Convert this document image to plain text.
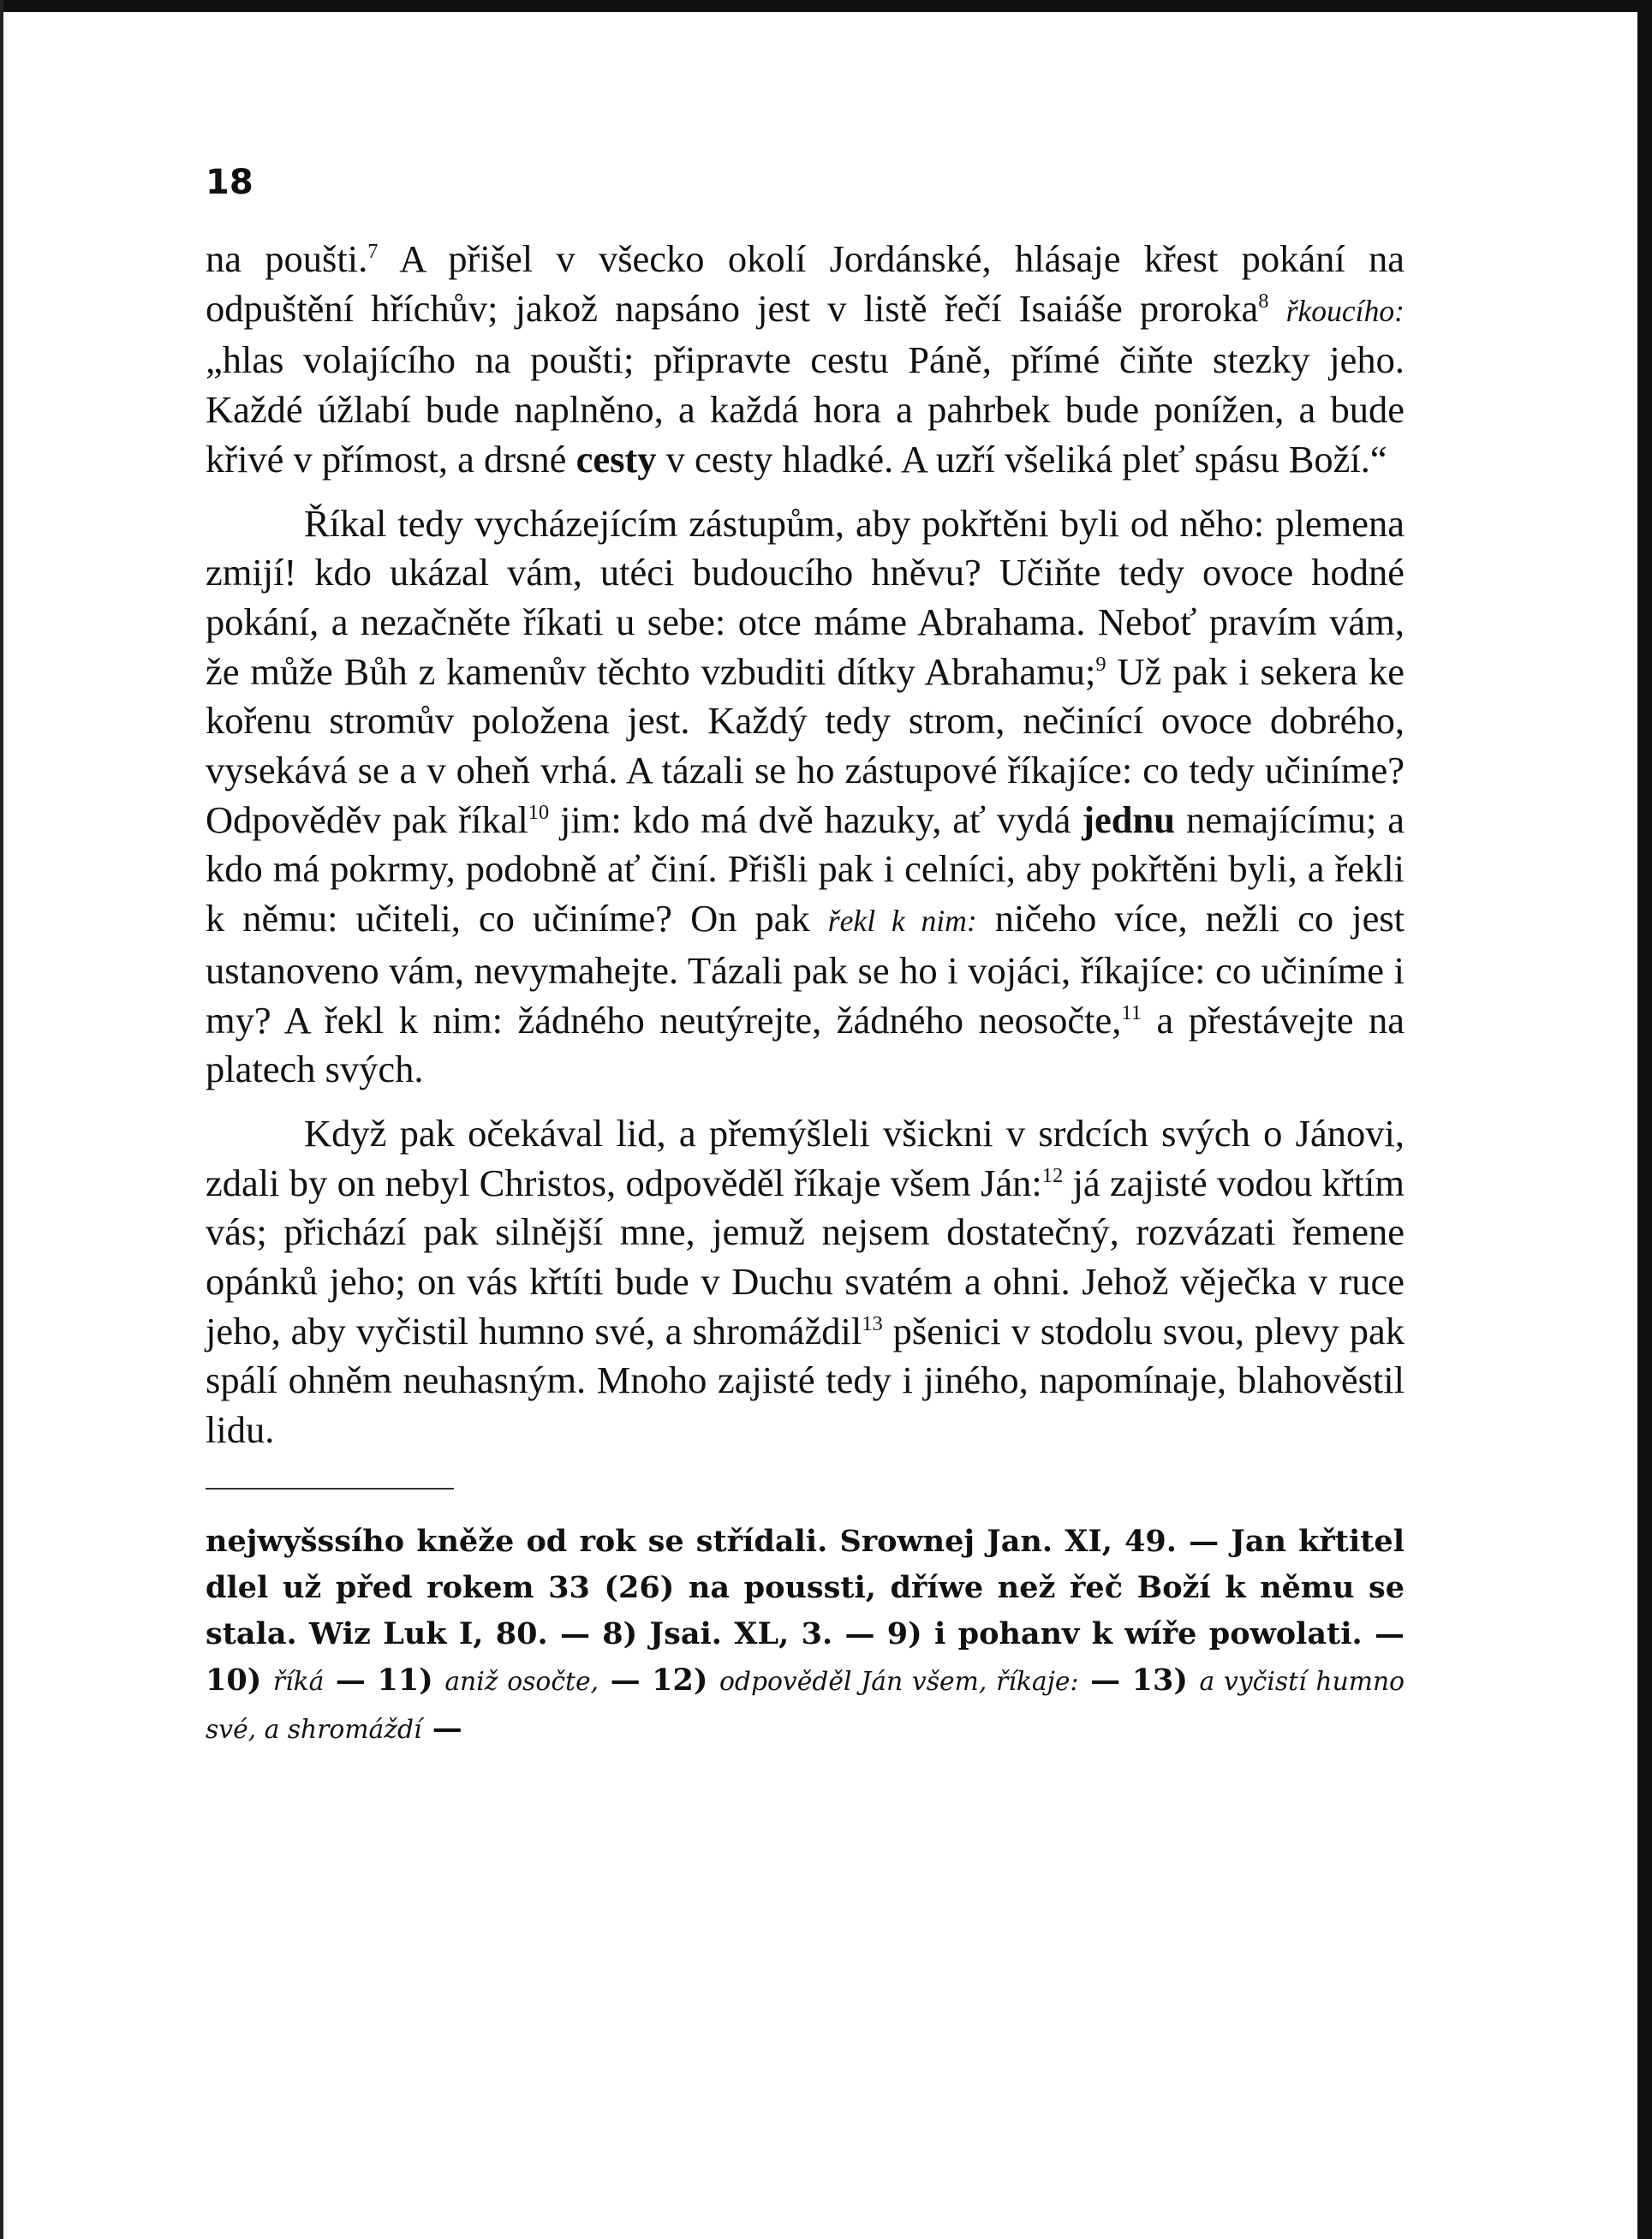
18

na poušti.$^7$ A přišel v všecko okolí Jordánské, hlásaje křest pokání na odpuštění hříchův; jakož napsáno jest v listě řečí Isaiáše proroka$^8$ řkoucího: „hlas volajícího na poušti; připravte cestu Páně, přímé čiňte stezky jeho. Každé úžlabí bude naplněno, a každá hora a pahrbek bude ponížen, a bude křivé v přímost, a drsné cesty v cesty hladké. A uzří všeliká pleť spásu Boží.“

Říkal tedy vycházejícím zástupům, aby pokřtěni byli od něho: plemena zmijí! kdo ukázal vám, utéci budoucího hněvu? Učiňte tedy ovoce hodné pokání, a nezačněte říkati u sebe: otce máme Abrahama. Neboť pravím vám, že může Bůh z kamenův těchto vzbuditi dítky Abrahamu;$^9$ Už pak i sekera ke kořenu stromův položena jest. Každý tedy strom, nečinící ovoce dobrého, vysekává se a v oheň vrhá. A tázali se ho zástupové říkajíce: co tedy učiníme? Odpověděv pak říkal$^{10}$ jim: kdo má dvě hazuky, ať vydá jednu nemajícímu; a kdo má pokrmy, podobně ať činí. Přišli pak i celníci, aby pokřtěni byli, a řekli k němu: učiteli, co učiníme? On pak řekl k nim: ničeho více, nežli co jest ustanoveno vám, nevymahejte. Tázali pak se ho i vojáci, říkajíce: co učiníme i my? A řekl k nim: žádného neutýrejte, žádného neosočte,$^{11}$ a přestávejte na platech svých.

Když pak očekával lid, a přemýšleli všickni v srdcích svých o Jánovi, zdali by on nebyl Christos, odpověděl říkaje všem Ján:$^{12}$ já zajisté vodou křtím vás; přichází pak silnější mne, jemuž nejsem dostatečný, rozvázati řemene opánků jeho; on vás křtíti bude v Duchu svatém a ohni. Jehož věječka v ruce jeho, aby vyčistil humno své, a shromáždil$^{13}$ pšenici v stodolu svou, plevy pak spálí ohněm neuhasným. Mnoho zajisté tedy i jiného, napomínaje, blahověstil lidu.

nejwyšssího kněže od rok se střídali. Srownej Jan. XI, 49. — Jan křtitel dlel už před rokem 33 (26) na poussti, dříwe než řeč Boží k němu se stala. Wiz Luk I, 80. — 8) Jsai. XL, 3. — 9) i pohanv k wíře powolati. — 10) říká — 11) aniž osočte, — 12) odpověděl Ján všem, říkaje: — 13) a vyčistí humno své, a shromáždí —
